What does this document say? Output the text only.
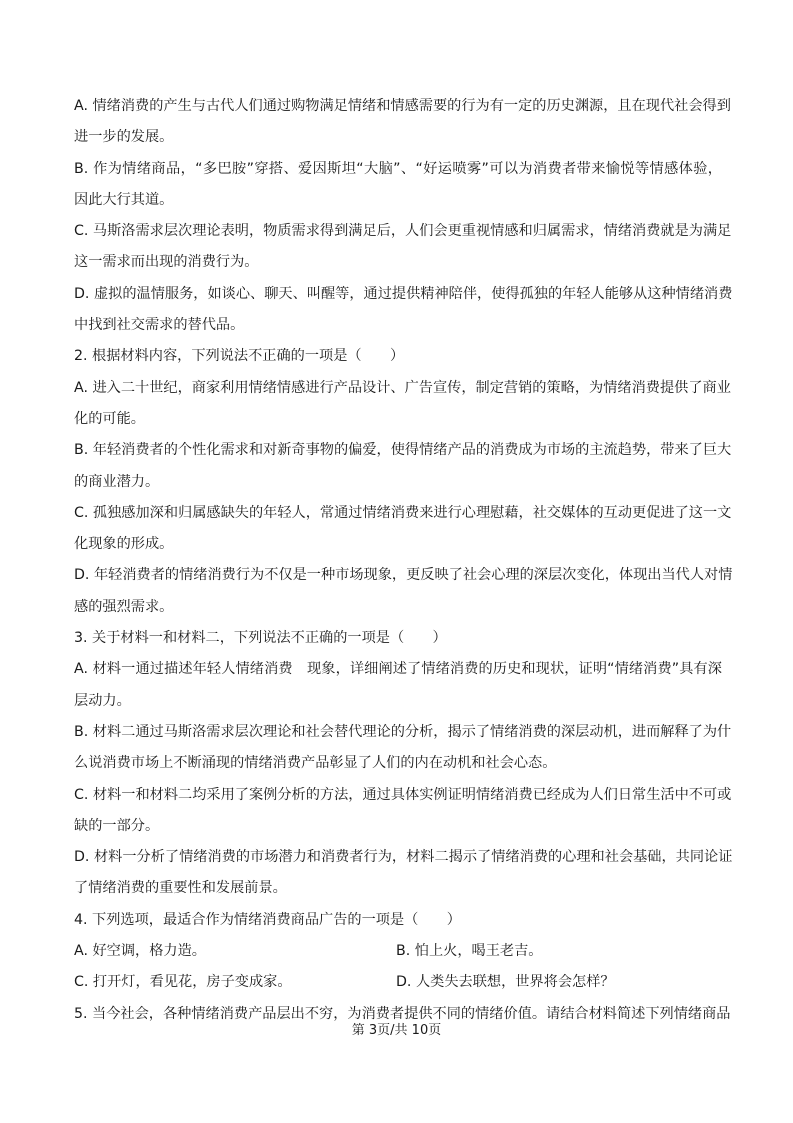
A. 情绪消费的产生与古代人们通过购物满足情绪和情感需要的行为有一定的历史渊源，且在现代社会得到
进一步的发展。
B. 作为情绪商品，“多巴胺”穿搭、爱因斯坦“大脑”、“好运喷雾”可以为消费者带来愉悦等情感体验，
因此大行其道。
C. 马斯洛需求层次理论表明，物质需求得到满足后，人们会更重视情感和归属需求，情绪消费就是为满足
这一需求而出现的消费行为。
D. 虚拟的温情服务，如谈心、聊天、叫醒等，通过提供精神陪伴，使得孤独的年轻人能够从这种情绪消费
中找到社交需求的替代品。
2. 根据材料内容，下列说法不正确的一项是（　　）
A. 进入二十世纪，商家利用情绪情感进行产品设计、广告宣传，制定营销的策略，为情绪消费提供了商业
化的可能。
B. 年轻消费者的个性化需求和对新奇事物的偏爱，使得情绪产品的消费成为市场的主流趋势，带来了巨大
的商业潜力。
C. 孤独感加深和归属感缺失的年轻人，常通过情绪消费来进行心理慰藉，社交媒体的互动更促进了这一文
化现象的形成。
D. 年轻消费者的情绪消费行为不仅是一种市场现象，更反映了社会心理的深层次变化，体现出当代人对情
感的强烈需求。
3. 关于材料一和材料二，下列说法不正确的一项是（　　）
A. 材料一通过描述年轻人情绪消费　现象，详细阐述了情绪消费的历史和现状，证明“情绪消费”具有深
层动力。
B. 材料二通过马斯洛需求层次理论和社会替代理论的分析，揭示了情绪消费的深层动机，进而解释了为什
么说消费市场上不断涌现的情绪消费产品彰显了人们的内在动机和社会心态。
C. 材料一和材料二均采用了案例分析的方法，通过具体实例证明情绪消费已经成为人们日常生活中不可或
缺的一部分。
D. 材料一分析了情绪消费的市场潜力和消费者行为，材料二揭示了情绪消费的心理和社会基础，共同论证
了情绪消费的重要性和发展前景。
4. 下列选项，最适合作为情绪消费商品广告的一项是（　　）
A. 好空调，格力造。	B. 怕上火，喝王老吉。
C. 打开灯，看见花，房子变成家。	D. 人类失去联想，世界将会怎样？
5. 当今社会，各种情绪消费产品层出不穷，为消费者提供不同的情绪价值。请结合材料简述下列情绪商品
第 3页/共 10页
